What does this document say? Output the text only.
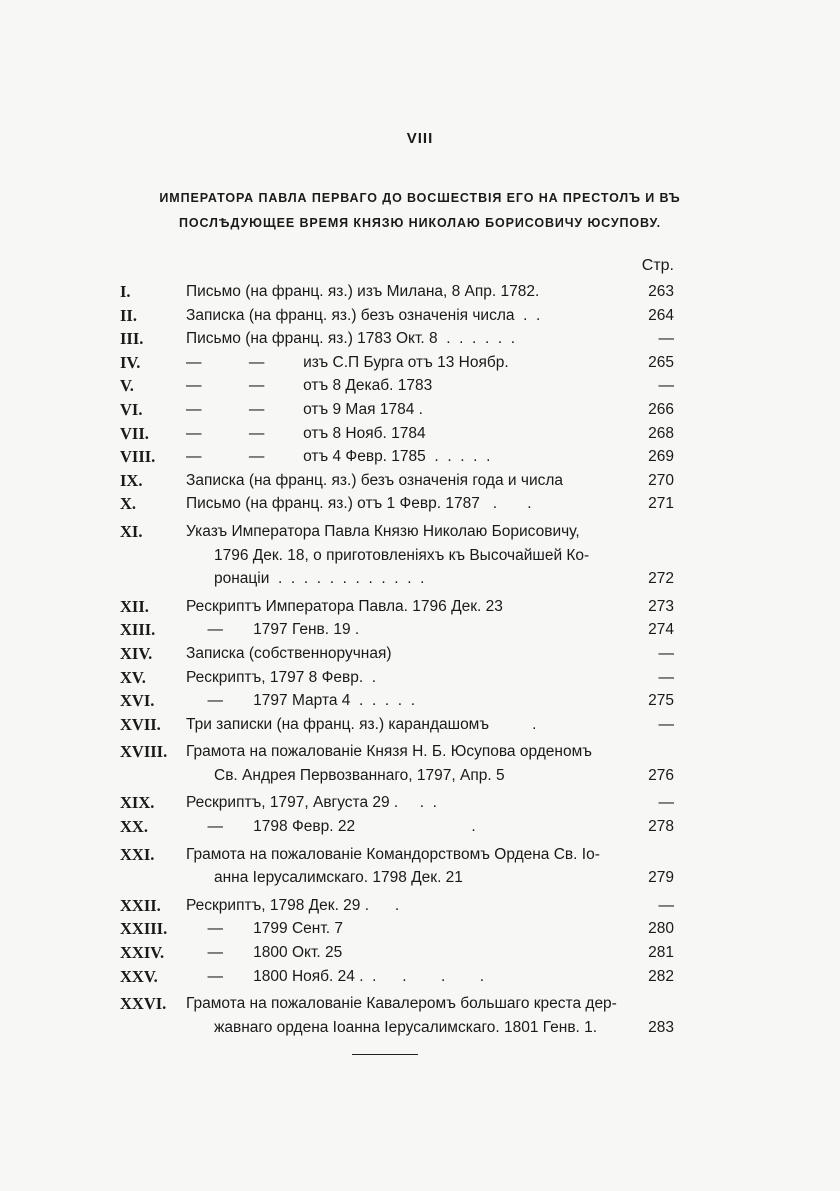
VIII
ИМПЕРАТОРА ПАВЛА ПЕРВАГО ДО ВОСШЕСТВІЯ ЕГО НА ПРЕСТОЛЪ И ВЪ
ПОСЛѢДУЮЩЕЕ ВРЕМЯ КНЯЗЮ НИКОЛАЮ БОРИСОВИЧУ ЮСУПОВУ.
Стр.
I.	Письмо (на франц. яз.) изъ Милана, 8 Апр. 1782.	263
II.	Записка (на франц. яз.) безъ означенія числа  .  .	264
III.	Письмо (на франц. яз.) 1783 Окт. 8  .  .  .  .  .  .	—
IV.	—           —         изъ С.П Бурга отъ 13 Ноябр.	265
V.	—           —         отъ 8 Декаб. 1783	—
VI.	—           —         отъ 9 Мая 1784 .	266
VII.	—           —         отъ 8 Нояб. 1784	268
VIII.	—           —         отъ 4 Февр. 1785  .  .  .  .  .	269
IX.	Записка (на франц. яз.) безъ означенія года и числа	270
X.	Письмо (на франц. яз.) отъ 1 Февр. 1787   .       .	271
XI.	Указъ Императора Павла Князю Николаю Борисовичу,
1796 Дек. 18, о приготовленіяхъ къ Высочайшей Ко-
ронаціи  .  .  .  .  .  .  .  .  .  .  .  .	272
XII.	Рескриптъ Императора Павла. 1796 Дек. 23	273
XIII.	—       1797 Генв. 19 .	274
XIV.	Записка (собственноручная)	—
XV.	Рескриптъ, 1797 8 Февр.  .	—
XVI.	—       1797 Марта 4  .  .  .  .  .	275
XVII.	Три записки (на франц. яз.) карандашомъ          .	—
XVIII.	Грамота на пожалованіе Князя Н. Б. Юсупова орденомъ
Св. Андрея Первозваннаго, 1797, Апр. 5	276
XIX.	Рескриптъ, 1797, Августа 29 .     .  .	—
XX.	—       1798 Февр. 22                           .	278
XXI.	Грамота на пожалованіе Командорствомъ Ордена Св. Іо-
анна Іерусалимскаго. 1798 Дек. 21	279
XXII.	Рескриптъ, 1798 Дек. 29 .      .	—
XXIII.	—       1799 Сент. 7	280
XXIV.	—       1800 Окт. 25	281
XXV.	—       1800 Нояб. 24 .  .      .        .        .	282
XXVI.	Грамота на пожалованіе Кавалеромъ большаго креста дер-
жавнаго ордена Іоанна Іерусалимскаго. 1801 Генв. 1.	283
